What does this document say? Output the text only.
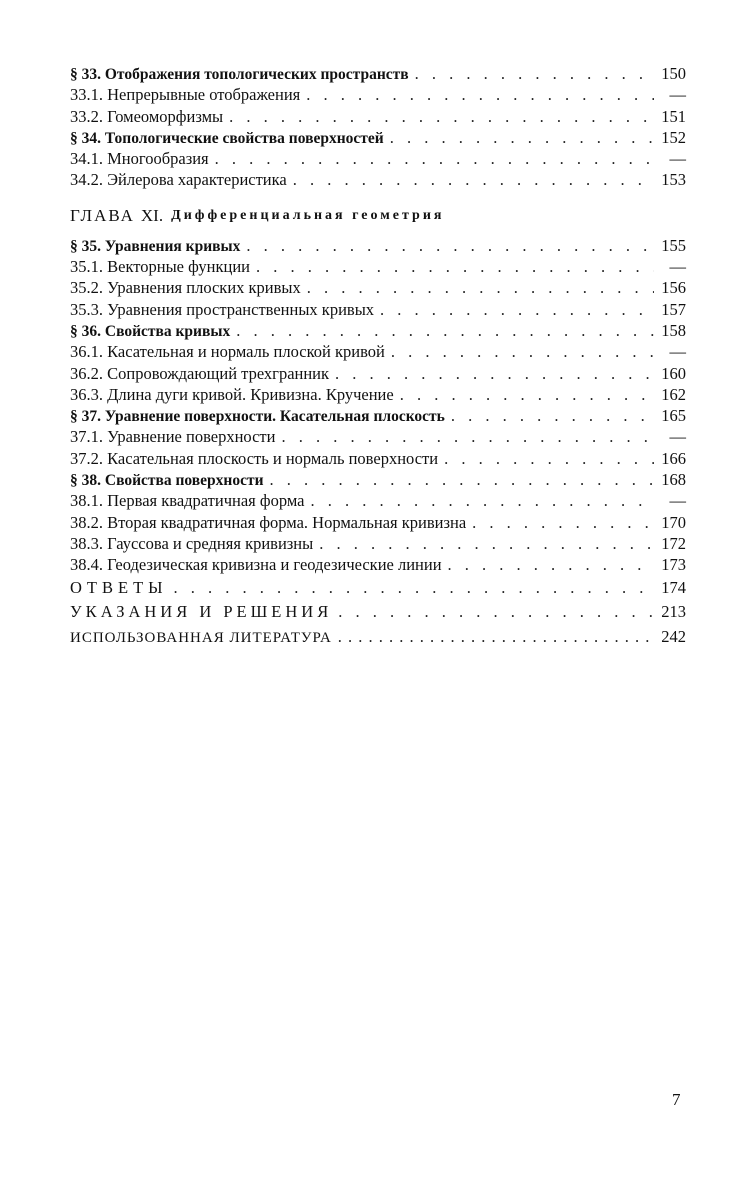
§ 33. Отображения топологических пространств . . .	150
33.1. Непрерывные отображения . . .	—
33.2. Гомеоморфизмы . . .	151
§ 34. Топологические свойства поверхностей . . .	152
34.1. Многообразия . . .	—
34.2. Эйлерова характеристика . . .	153
ГЛАВА XI. Дифференциальная геометрия
§ 35. Уравнения кривых . . .	155
35.1. Векторные функции . . .	—
35.2. Уравнения плоских кривых . . .	156
35.3. Уравнения пространственных кривых . . .	157
§ 36. Свойства кривых . . .	158
36.1. Касательная и нормаль плоской кривой . . .	—
36.2. Сопровождающий трехгранник . . .	160
36.3. Длина дуги кривой. Кривизна. Кручение . . .	162
§ 37. Уравнение поверхности. Касательная плоскость . . .	165
37.1. Уравнение поверхности . . .	—
37.2. Касательная плоскость и нормаль поверхности . . .	166
§ 38. Свойства поверхности . . .	168
38.1. Первая квадратичная форма . . .	—
38.2. Вторая квадратичная форма. Нормальная кривизна . . .	170
38.3. Гауссова и средняя кривизны . . .	172
38.4. Геодезическая кривизна и геодезические линии . . .	173
ОТВЕТЫ . . .	174
УКАЗАНИЯ И РЕШЕНИЯ . . .	213
ИСПОЛЬЗОВАННАЯ ЛИТЕРАТУРА . . .	242
7
